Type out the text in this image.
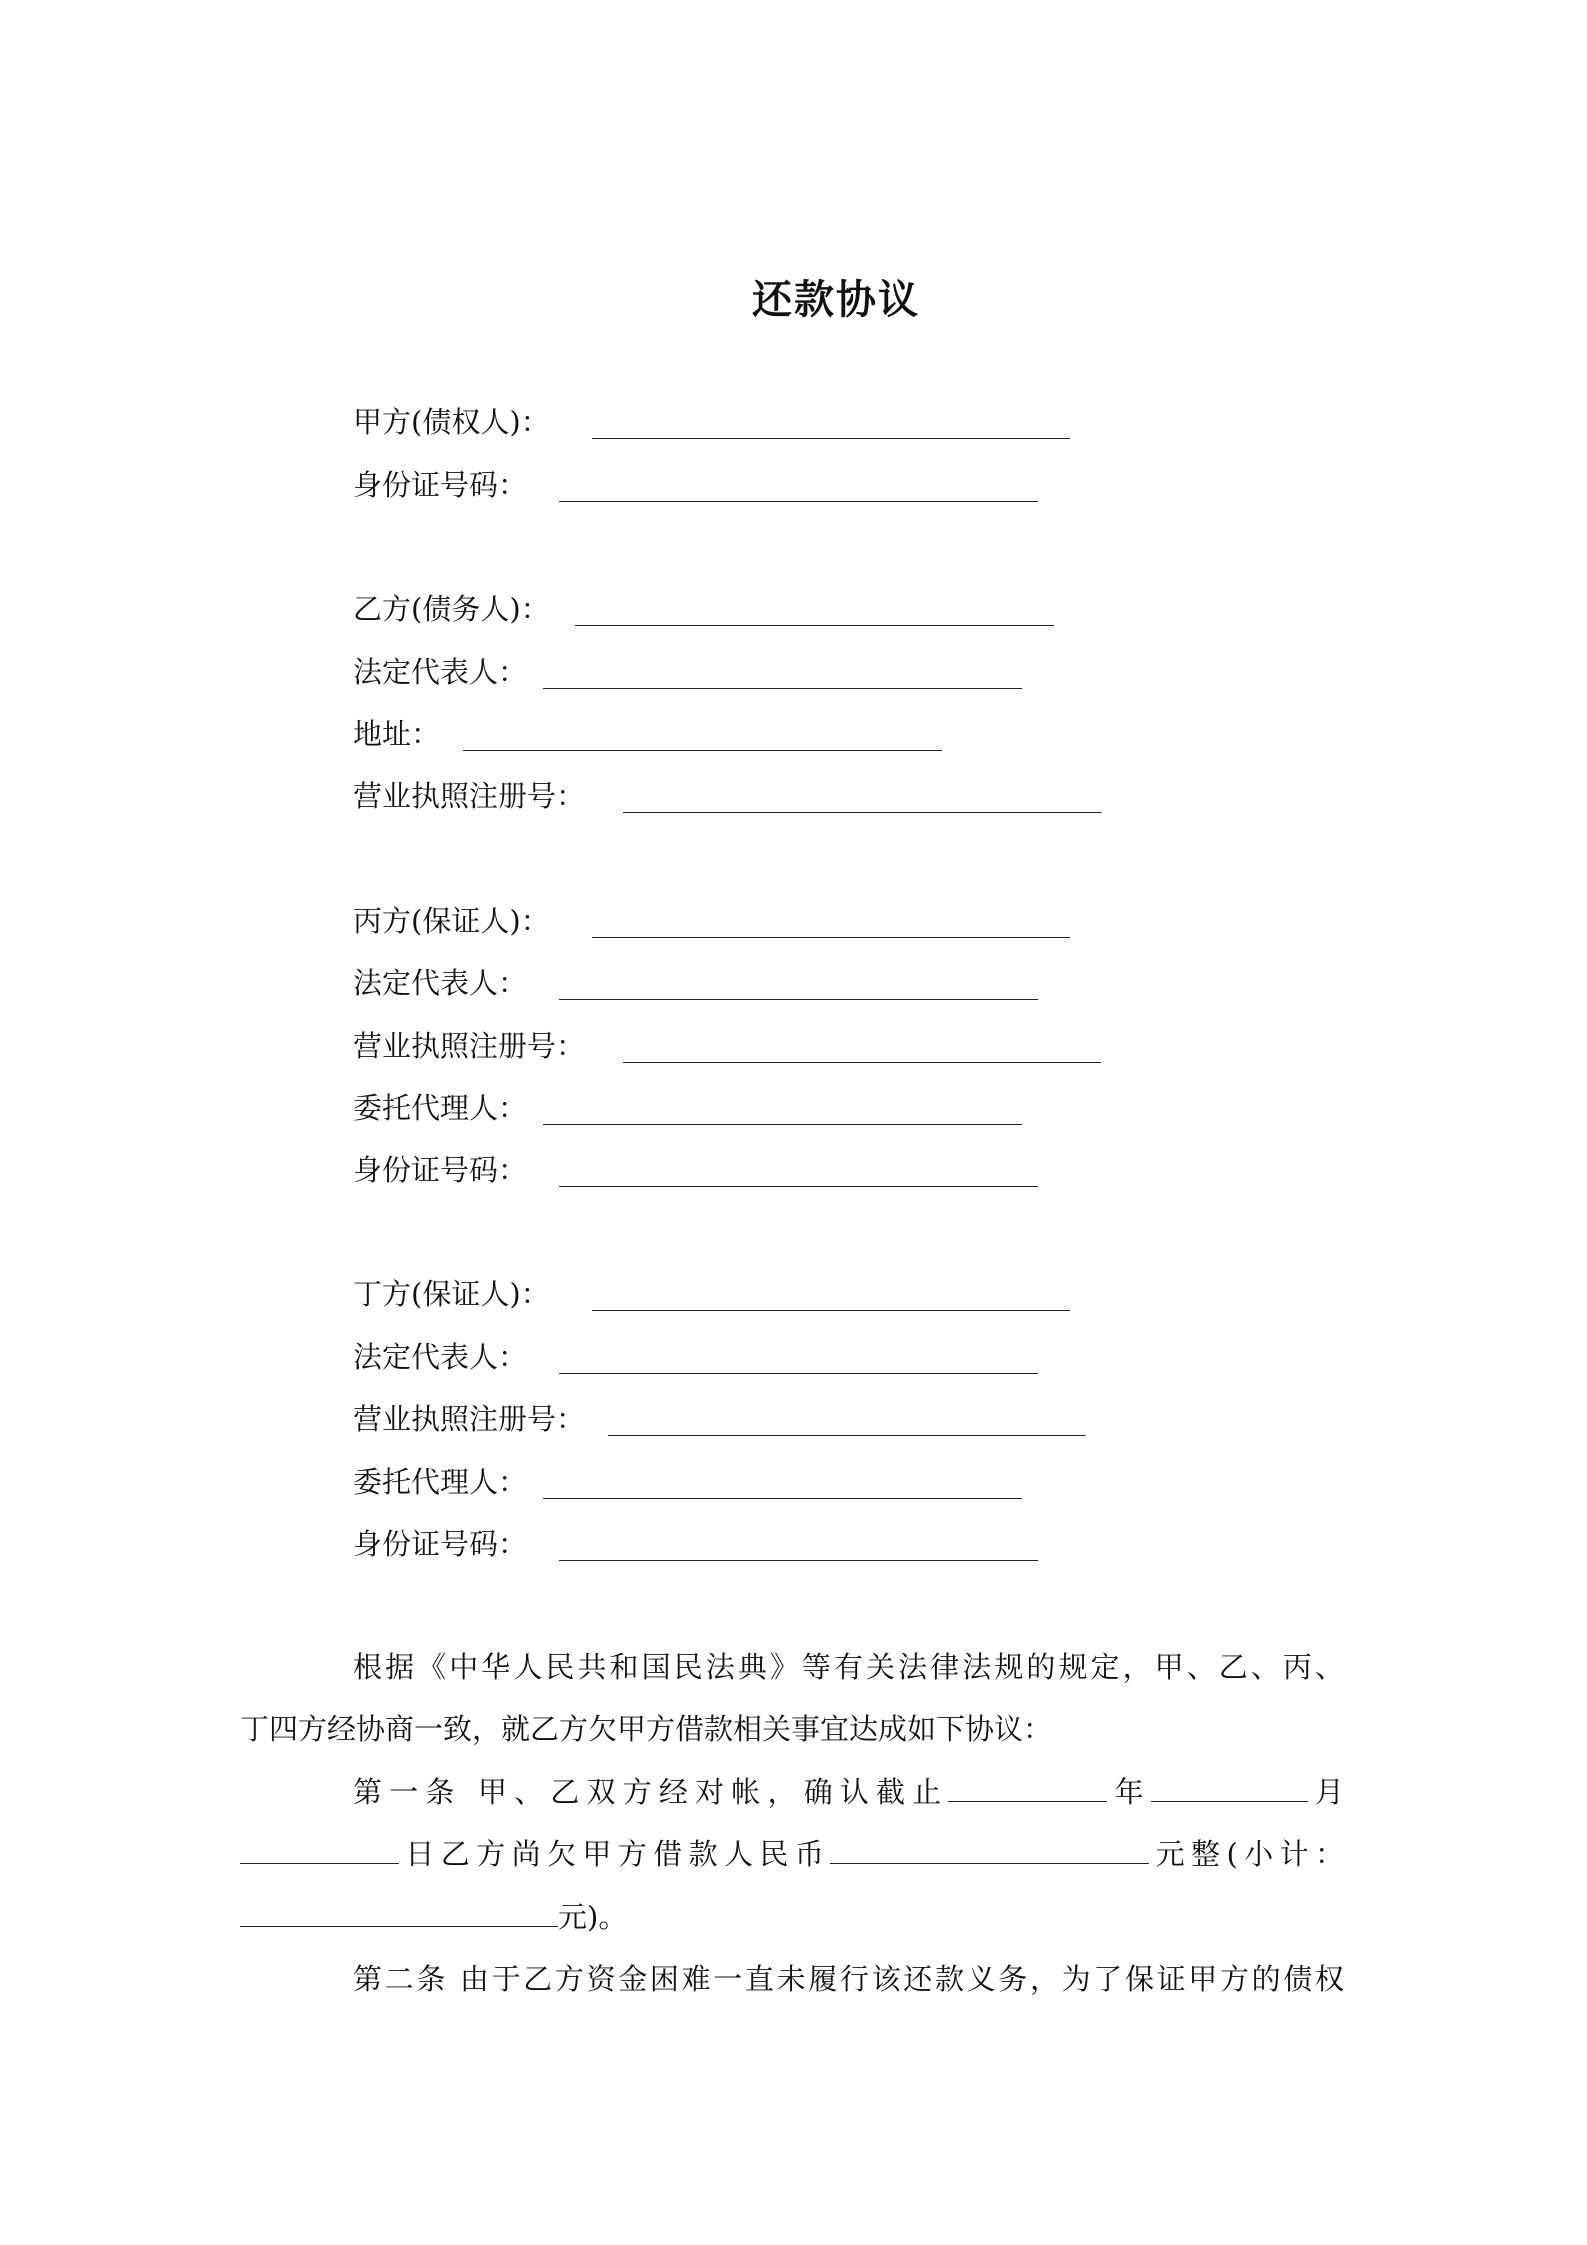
还款协议
甲方(债权人)：
身份证号码：
乙方(债务人)：
法定代表人：
地址：
营业执照注册号：
丙方(保证人)：
法定代表人：
营业执照注册号：
委托代理人：
身份证号码：
丁方(保证人)：
法定代表人：
营业执照注册号：
委托代理人：
身份证号码：
根据《中华人民共和国民法典》等有关法律法规的规定，甲、乙、丙、
丁四方经协商一致，就乙方欠甲方借款相关事宜达成如下协议：
第一条 甲、乙双方经对帐，确认截止	年	月
日乙方尚欠甲方借款人民币	元整(小计：
元)。
第二条 由于乙方资金困难一直未履行该还款义务，为了保证甲方的债权
